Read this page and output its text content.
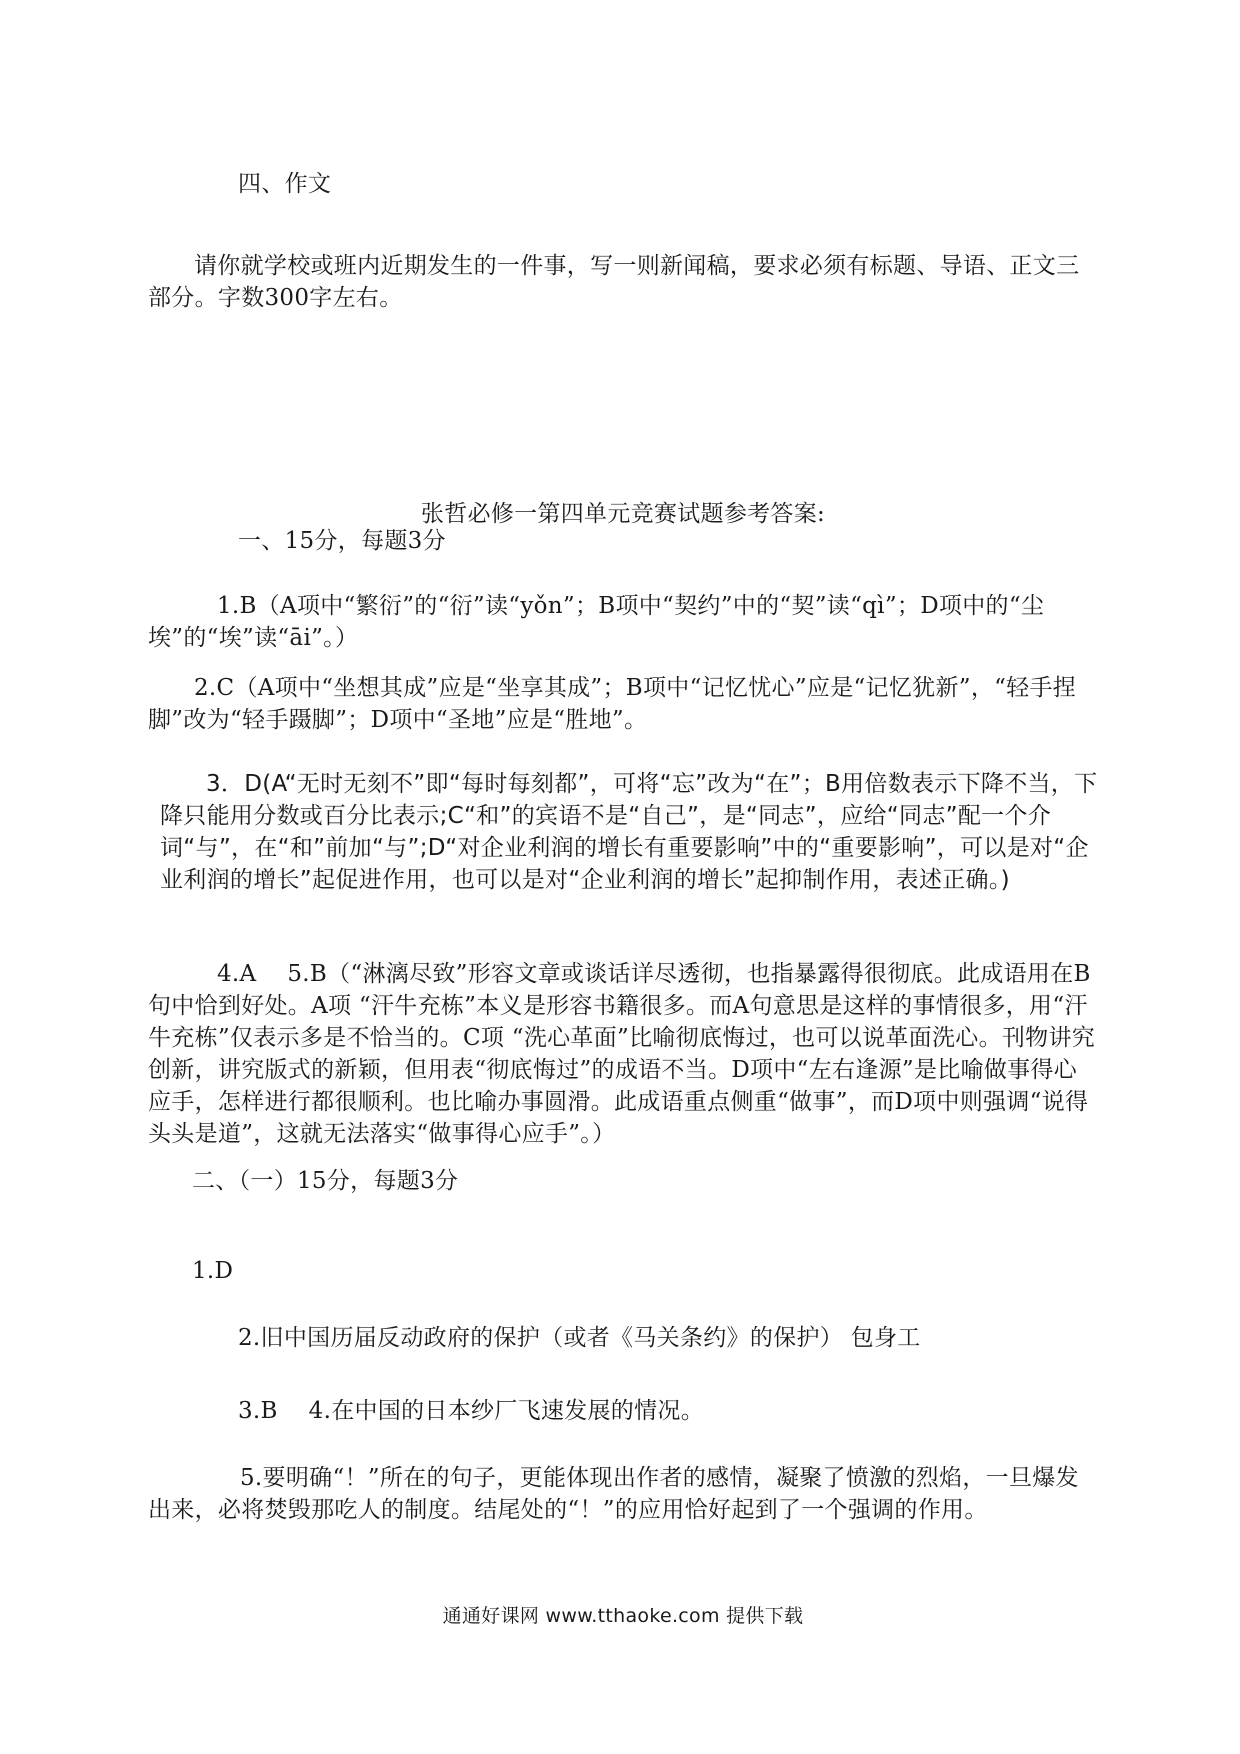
四、作文

请你就学校或班内近期发生的一件事，写一则新闻稿，要求必须有标题、导语、正文三部分。字数300字左右。

张哲必修一第四单元竞赛试题参考答案:

一、15分，每题3分

1.B（A项中“繁衍”的“衍”读“yǒn”；B项中“契约”中的“契”读“qì”；D项中的“尘埃”的“埃”读“āi”。）

2.C（A项中“坐想其成”应是“坐享其成”；B项中“记忆忧心”应是“记忆犹新”，“轻手捏脚”改为“轻手蹑脚”；D项中“圣地”应是“胜地”。

3．D(A“无时无刻不”即“每时每刻都”，可将“忘”改为“在”；B用倍数表示下降不当，下降只能用分数或百分比表示;C“和”的宾语不是“自己”，是“同志”，应给“同志”配一个介词“与”，在“和”前加“与”;D“对企业利润的增长有重要影响”中的“重要影响”，可以是对“企业利润的增长”起促进作用，也可以是对“企业利润的增长”起抑制作用，表述正确。)

4.A　 5.B（“淋漓尽致”形容文章或谈话详尽透彻，也指暴露得很彻底。此成语用在B句中恰到好处。A项 “汗牛充栋”本义是形容书籍很多。而A句意思是这样的事情很多，用“汗牛充栋”仅表示多是不恰当的。C项 “洗心革面”比喻彻底悔过，也可以说革面洗心。刊物讲究创新，讲究版式的新颖，但用表“彻底悔过”的成语不当。D项中“左右逢源”是比喻做事得心应手，怎样进行都很顺利。也比喻办事圆滑。此成语重点侧重“做事”，而D项中则强调“说得头头是道”，这就无法落实“做事得心应手”。）

二、（一）15分，每题3分

1.D

2.旧中国历届反动政府的保护（或者《马关条约》的保护） 包身工

3.B　 4.在中国的日本纱厂飞速发展的情况。

5.要明确“！”所在的句子，更能体现出作者的感情，凝聚了愤激的烈焰，一旦爆发出来，必将焚毁那吃人的制度。结尾处的“！”的应用恰好起到了一个强调的作用。

通通好课网 www.tthaoke.com 提供下载
